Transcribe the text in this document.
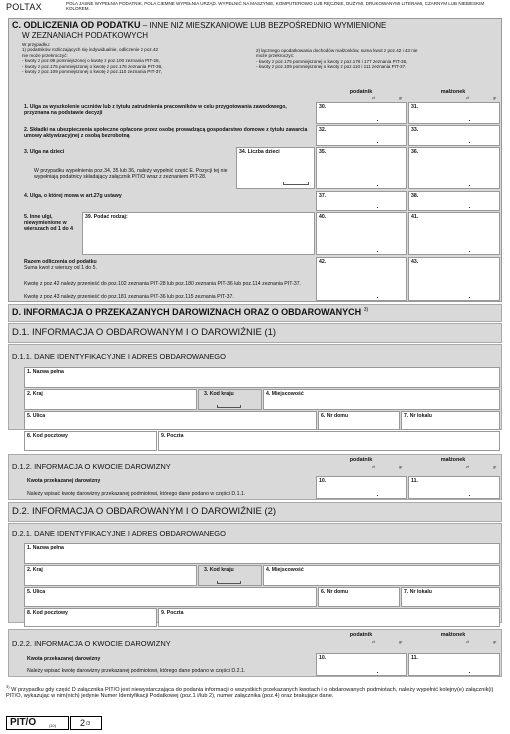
POLTAX	POLA JASNE WYPEŁNIA PODATNIK, POLA CIEMNE WYPEŁNIA URZĄD. WYPEŁNIĆ NA MASZYNIE, KOMPUTEROWO LUB RĘCZNIE, DUŻYMI, DRUKOWANYMI LITERAMI, CZARNYM LUB NIEBIESKIM KOLOREM.
C. ODLICZENIA OD PODATKU – INNE NIŻ MIESZKANIOWE LUB BEZPOŚREDNIO WYMIENIONE
W ZEZNANIACH PODATKOWYCH
W przypadku:
1) podatników rozliczających się indywidualnie, odliczenie z poz.42
nie może przekroczyć:
- kwoty z poz.99 pomniejszonej o kwotę z poz.100 zeznania PIT-28,
- kwoty z poz.175 pomniejszonej o kwotę z poz.176 zeznania PIT-36,
- kwoty z poz.109 pomniejszonej o kwotę z poz.110 zeznania PIT-37,
2) łącznego opodatkowania dochodów małżonków, suma kwot z poz.42 i 43 nie
może przekroczyć:
- kwoty z poz.175 pomniejszonej o kwoty z poz.176 i 177 zeznania PIT-36,
- kwoty z poz.109 pomniejszonej o kwoty z poz.110 i 111 zeznania PIT-37.
podatnik	małżonek
zł	gr	zł	gr
1. Ulga za wyszkolenie uczniów lub z tytułu zatrudnienia pracowników w celu przygotowania zawodowego, przyznana na podstawie decyzji
30.	31.
2. Składki na ubezpieczenia społeczne opłacone przez osobę prowadzącą gospodarstwo domowe z tytułu zawarcia umowy aktywizacyjnej z osobą bezrobotną
32.	33.
3. Ulga na dzieci	34. Liczba dzieci
W przypadku wypełnienia poz.34, 35 lub 36, należy wypełnić część E. Pozycji tej nie wypełniają podatnicy składający załącznik PIT/O wraz z zeznaniem PIT-28.
35.	36.
4. Ulga, o której mowa w art.27g ustawy	37.	38.
5. Inne ulgi, niewymienione w wierszach od 1 do 4
39. Podać rodzaj:	40.	41.
Razem odliczenia od podatku
Suma kwot z wierszy od 1 do 5.
Kwotę z poz.42 należy przenieść do poz.102 zeznania PIT-28 lub poz.180 zeznania PIT-36 lub poz.114 zeznania PIT-37.
Kwotę z poz.43 należy przenieść do poz.181 zeznania PIT-36 lub poz.115 zeznania PIT-37.
42.	43.
D. INFORMACJA O PRZEKAZANYCH DAROWIZNACH ORAZ O OBDAROWANYCH $^{3)}$
D.1. INFORMACJA O OBDAROWANYM I O DAROWIŹNIE (1)
D.1.1. DANE IDENTYFIKACYJNE I ADRES OBDAROWANEGO
1. Nazwa pełna
2. Kraj	3. Kod kraju	4. Miejscowość
5. Ulica	6. Nr domu	7. Nr lokalu
8. Kod pocztowy	9. Poczta
D.1.2. INFORMACJA O KWOCIE DAROWIZNY
podatnik	małżonek
zł	gr	zł	gr
Kwota przekazanej darowizny
Należy wpisać kwotę darowizny przekazanej podmiotowi, którego dane podano w części D.1.1.
10.	11.
D.2. INFORMACJA O OBDAROWANYM I O DAROWIŹNIE (2)
D.2.1. DANE IDENTYFIKACYJNE I ADRES OBDAROWANEGO
1. Nazwa pełna
2. Kraj	3. Kod kraju	4. Miejscowość
5. Ulica	6. Nr domu	7. Nr lokalu
8. Kod pocztowy	9. Poczta
D.2.2. INFORMACJA O KWOCIE DAROWIZNY
podatnik	małżonek
zł	gr	zł	gr
Kwota przekazanej darowizny
Należy wpisać kwotę darowizny przekazanej podmiotowi, którego dane podano w części D.2.1.
10.	11.
$^{3)}$ W przypadku gdy część D załącznika PIT/O jest niewystarczająca do podania informacji o wszystkich przekazanych kwotach i o obdarowanych podmiotach, należy wypełnić kolejny(e) załącznik(i) PIT/O, wykazując w nim(nich) jedynie Numer Identyfikacji Podatkowej (poz.1 i/lub 2), numer załącznika (poz.4) oraz brakujące dane.
PIT/O	(10)	2 /3
